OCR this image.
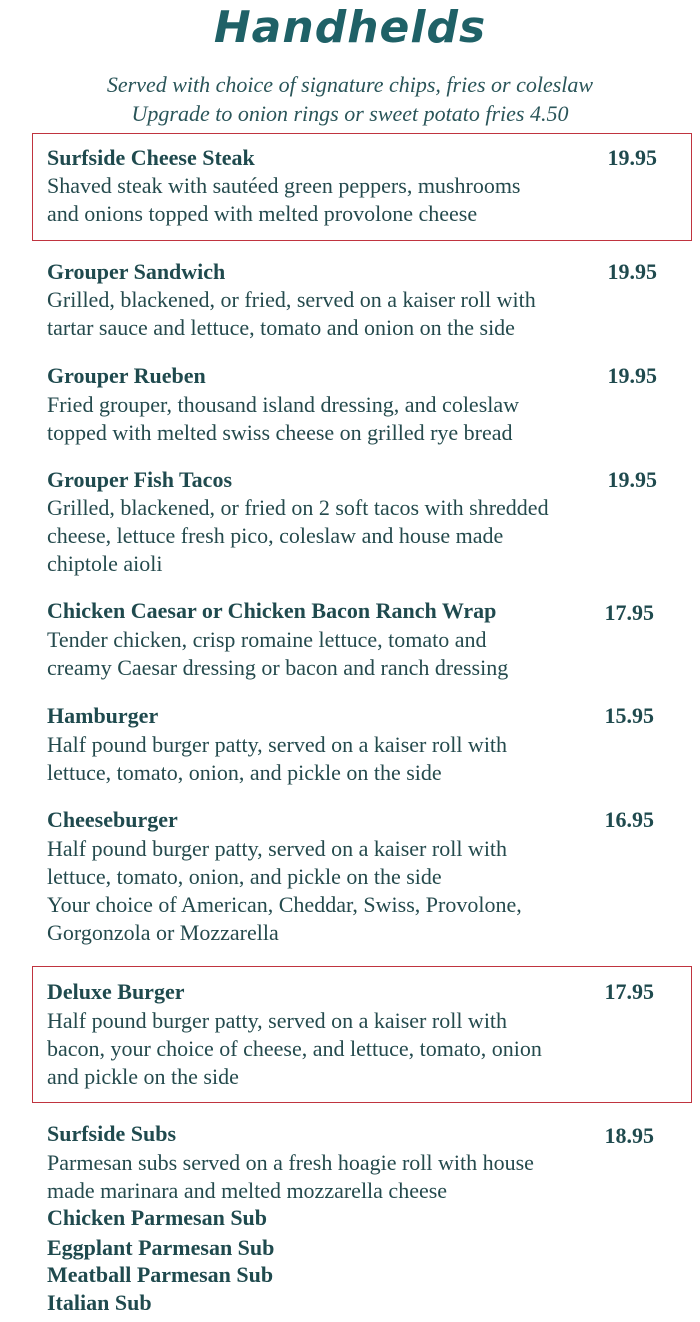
Handhelds
Served with choice of signature chips, fries or coleslaw
Upgrade to onion rings or sweet potato fries 4.50
Surfside Cheese Steak	19.95
Shaved steak with sautéed green peppers, mushrooms
and onions topped with melted provolone cheese
Grouper Sandwich	19.95
Grilled, blackened, or fried, served on a kaiser roll with
tartar sauce and lettuce, tomato and onion on the side
Grouper Rueben	19.95
Fried grouper, thousand island dressing, and coleslaw
topped with melted swiss cheese on grilled rye bread
Grouper Fish Tacos	19.95
Grilled, blackened, or fried on 2 soft tacos with shredded
cheese, lettuce fresh pico, coleslaw and house made
chiptole aioli
Chicken Caesar or Chicken Bacon Ranch Wrap	17.95
Tender chicken, crisp romaine lettuce, tomato and
creamy Caesar dressing or bacon and ranch dressing
Hamburger	15.95
Half pound burger patty, served on a kaiser roll with
lettuce, tomato, onion, and pickle on the side
Cheeseburger	16.95
Half pound burger patty, served on a kaiser roll with
lettuce, tomato, onion, and pickle on the side
Your choice of American, Cheddar, Swiss, Provolone,
Gorgonzola or Mozzarella
Deluxe Burger	17.95
Half pound burger patty, served on a kaiser roll with
bacon, your choice of cheese, and lettuce, tomato, onion
and pickle on the side
Surfside Subs	18.95
Parmesan subs served on a fresh hoagie roll with house
made marinara and melted mozzarella cheese
Chicken Parmesan Sub
Eggplant Parmesan Sub
Meatball Parmesan Sub
Italian Sub
